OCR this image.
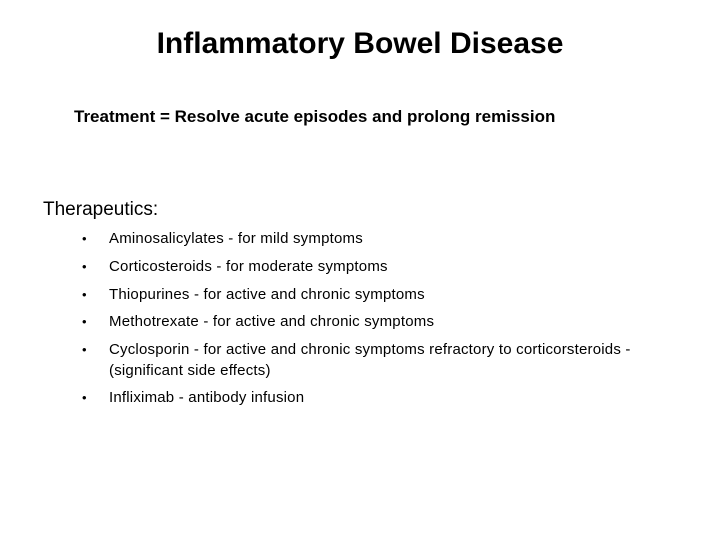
Inflammatory Bowel Disease
Treatment = Resolve acute episodes and prolong remission
Therapeutics:
• Aminosalicylates - for mild symptoms
• Corticosteroids - for moderate symptoms
• Thiopurines - for active and chronic symptoms
• Methotrexate - for active and chronic symptoms
• Cyclosporin - for active and chronic symptoms refractory to corticorsteroids - (significant side effects)
• Infliximab - antibody infusion
